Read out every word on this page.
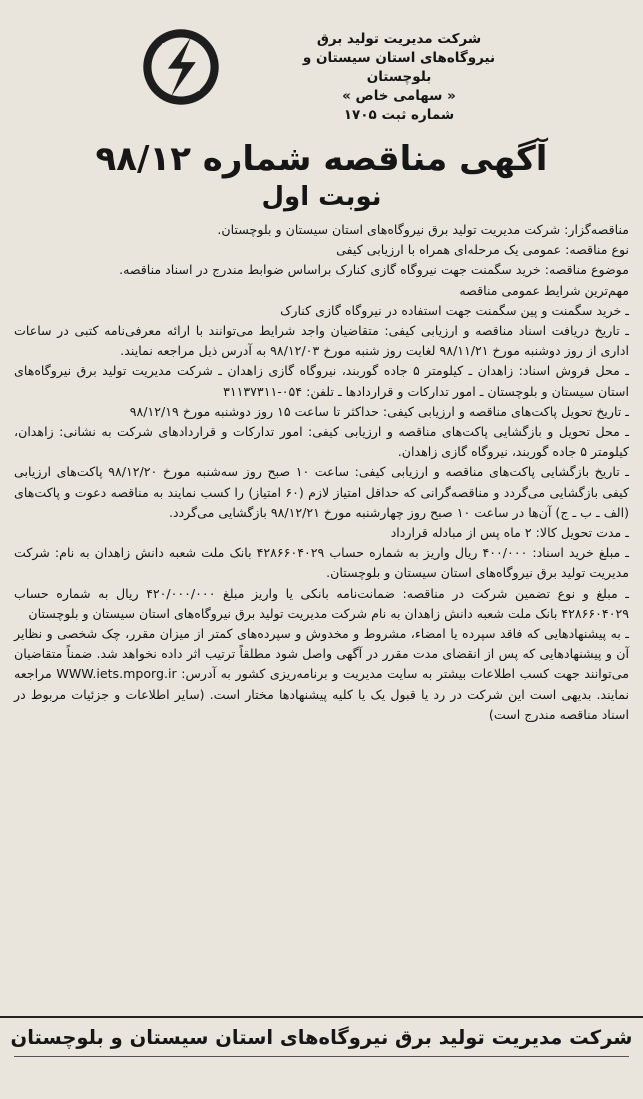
شرکت مدیریت تولید برق
نیروگاه‌های استان سیستان و بلوچستان
« سهامی خاص »
شماره ثبت ۱۷۰۵
آگهی مناقصه شماره ۹۸/۱۲
نوبت اول

مناقصه‌گزار: شرکت مدیریت تولید برق نیروگاه‌های استان سیستان و بلوچستان.

نوع مناقصه: عمومی یک مرحله‌ای همراه با ارزیابی کیفی

موضوع مناقصه: خرید سگمنت جهت نیروگاه گازی کنارک براساس ضوابط مندرج در اسناد مناقصه.

مهم‌ترین شرایط عمومی مناقصه

ـ خرید سگمنت و پین سگمنت جهت استفاده در نیروگاه گازی کنارک

ـ تاریخ دریافت اسناد مناقصه و ارزیابی کیفی: متقاضیان واجد شرایط می‌توانند با ارائه معرفی‌نامه کتبی در ساعات اداری از روز دوشنبه مورخ ۹۸/۱۱/۲۱ لغایت روز شنبه مورخ ۹۸/۱۲/۰۳ به آدرس ذیل مراجعه نمایند.

ـ محل فروش اسناد: زاهدان ـ کیلومتر ۵ جاده گوربند، نیروگاه گازی زاهدان ـ شرکت مدیریت تولید برق نیروگاه‌های استان سیستان و بلوچستان ـ امور تدارکات و قراردادها ـ تلفن: ۰۵۴-۳۱۱۳۷۳۱۱

ـ تاریخ تحویل پاکت‌های مناقصه و ارزیابی کیفی: حداکثر تا ساعت ۱۵ روز دوشنبه مورخ ۹۸/۱۲/۱۹

ـ محل تحویل و بازگشایی پاکت‌های مناقصه و ارزیابی کیفی: امور تدارکات و قراردادهای شرکت به نشانی: زاهدان، کیلومتر ۵ جاده گوربند، نیروگاه گازی زاهدان.

ـ تاریخ بازگشایی پاکت‌های مناقصه و ارزیابی کیفی: ساعت ۱۰ صبح روز سه‌شنبه مورخ ۹۸/۱۲/۲۰ پاکت‌های ارزیابی کیفی بازگشایی می‌گردد و مناقصه‌گرانی که حداقل امتیاز لازم (۶۰ امتیاز) را کسب نمایند به مناقصه دعوت و پاکت‌های (الف ـ ب ـ ج) آن‌ها در ساعت ۱۰ صبح روز چهارشنبه مورخ ۹۸/۱۲/۲۱ بازگشایی می‌گردد.

ـ مدت تحویل کالا: ۲ ماه پس از مبادله قرارداد

ـ مبلغ خرید اسناد: ۴۰۰/۰۰۰ ریال واریز به شماره حساب ۴۲۸۶۶۰۴۰۲۹ بانک ملت شعبه دانش زاهدان به نام: شرکت مدیریت تولید برق نیروگاه‌های استان سیستان و بلوچستان.

ـ مبلغ و نوع تضمین شرکت در مناقصه: ضمانت‌نامه بانکی یا واریز مبلغ ۴۲۰/۰۰۰/۰۰۰ ریال به شماره حساب ۴۲۸۶۶۰۴۰۲۹ بانک ملت شعبه دانش زاهدان به نام شرکت مدیریت تولید برق نیروگاه‌های استان سیستان و بلوچستان

ـ به پیشنهادهایی که فاقد سپرده یا امضاء، مشروط و مخدوش و سپرده‌های کمتر از میزان مقرر، چک شخصی و نظایر آن و پیشنهادهایی که پس از انقضای مدت مقرر در آگهی واصل شود مطلقاً ترتیب اثر داده نخواهد شد. ضمناً متقاضیان می‌توانند جهت کسب اطلاعات بیشتر به سایت مدیریت و برنامه‌ریزی کشور به آدرس: WWW.iets.mporg.ir مراجعه نمایند. بدیهی است این شرکت در رد یا قبول یک یا کلیه پیشنهادها مختار است. (سایر اطلاعات و جزئیات مربوط در اسناد مناقصه مندرج است)

شرکت مدیریت تولید برق نیروگاه‌های استان سیستان و بلوچستان
